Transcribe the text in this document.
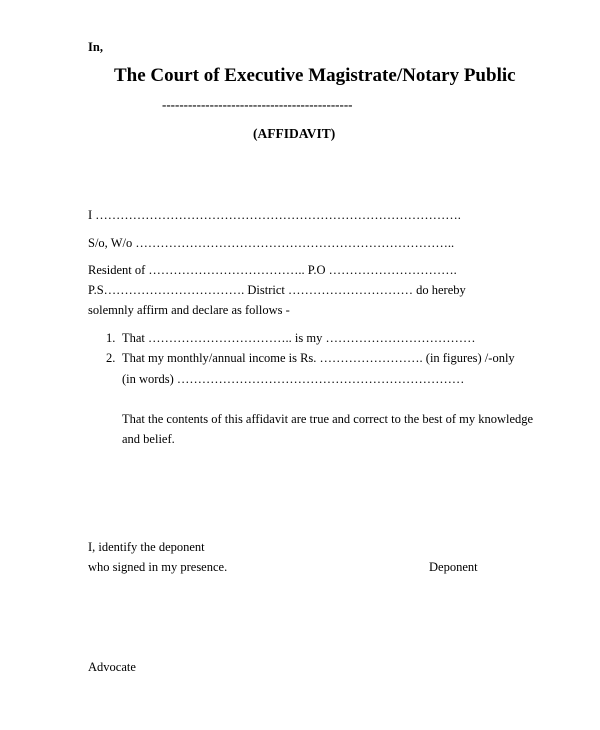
In,
The Court of Executive Magistrate/Notary Public
--------------------------------------------
(AFFIDAVIT)
I …………………………………………………………………………….
S/o, W/o …………………………………………………………………..
Resident of ……………………………….. P.O ………………………….
P.S……………………………. District ………………………… do hereby
solemnly affirm and declare as follows -
1. That …………………………….. is my ………………………………
2. That my monthly/annual income is Rs. ……………………. (in figures) /-only
(in words) ……………………………………………………………
That the contents of this affidavit are true and correct to the best of my knowledge
and belief.
I, identify the deponent
who signed in my presence.	Deponent
Advocate
